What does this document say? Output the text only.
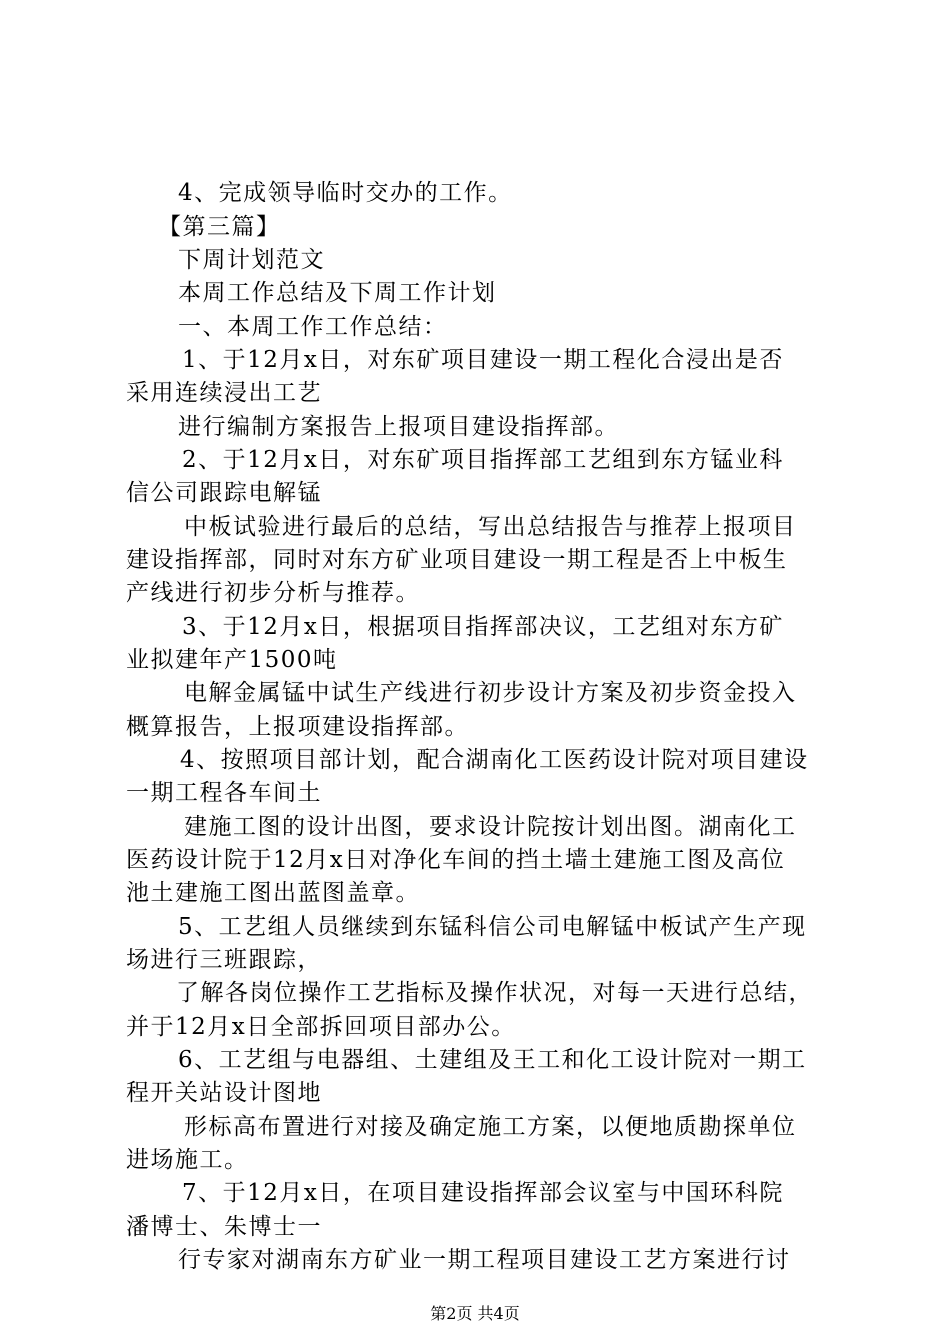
4、完成领导临时交办的工作。
【第三篇】
下周计划范文
本周工作总结及下周工作计划
一、本周工作工作总结：
1、于12月x日，对东矿项目建设一期工程化合浸出是否
采用连续浸出工艺
进行编制方案报告上报项目建设指挥部。
2、于12月x日，对东矿项目指挥部工艺组到东方锰业科
信公司跟踪电解锰
中板试验进行最后的总结，写出总结报告与推荐上报项目
建设指挥部，同时对东方矿业项目建设一期工程是否上中板生
产线进行初步分析与推荐。
3、于12月x日，根据项目指挥部决议，工艺组对东方矿
业拟建年产1500吨
电解金属锰中试生产线进行初步设计方案及初步资金投入
概算报告，上报项建设指挥部。
4、按照项目部计划，配合湖南化工医药设计院对项目建设
一期工程各车间土
建施工图的设计出图，要求设计院按计划出图。湖南化工
医药设计院于12月x日对净化车间的挡土墙土建施工图及高位
池土建施工图出蓝图盖章。
5、工艺组人员继续到东锰科信公司电解锰中板试产生产现
场进行三班跟踪，
了解各岗位操作工艺指标及操作状况，对每一天进行总结，
并于12月x日全部拆回项目部办公。
6、工艺组与电器组、土建组及王工和化工设计院对一期工
程开关站设计图地
形标高布置进行对接及确定施工方案，以便地质勘探单位
进场施工。
7、于12月x日，在项目建设指挥部会议室与中国环科院
潘博士、朱博士一
行专家对湖南东方矿业一期工程项目建设工艺方案进行讨
第2页 共4页
